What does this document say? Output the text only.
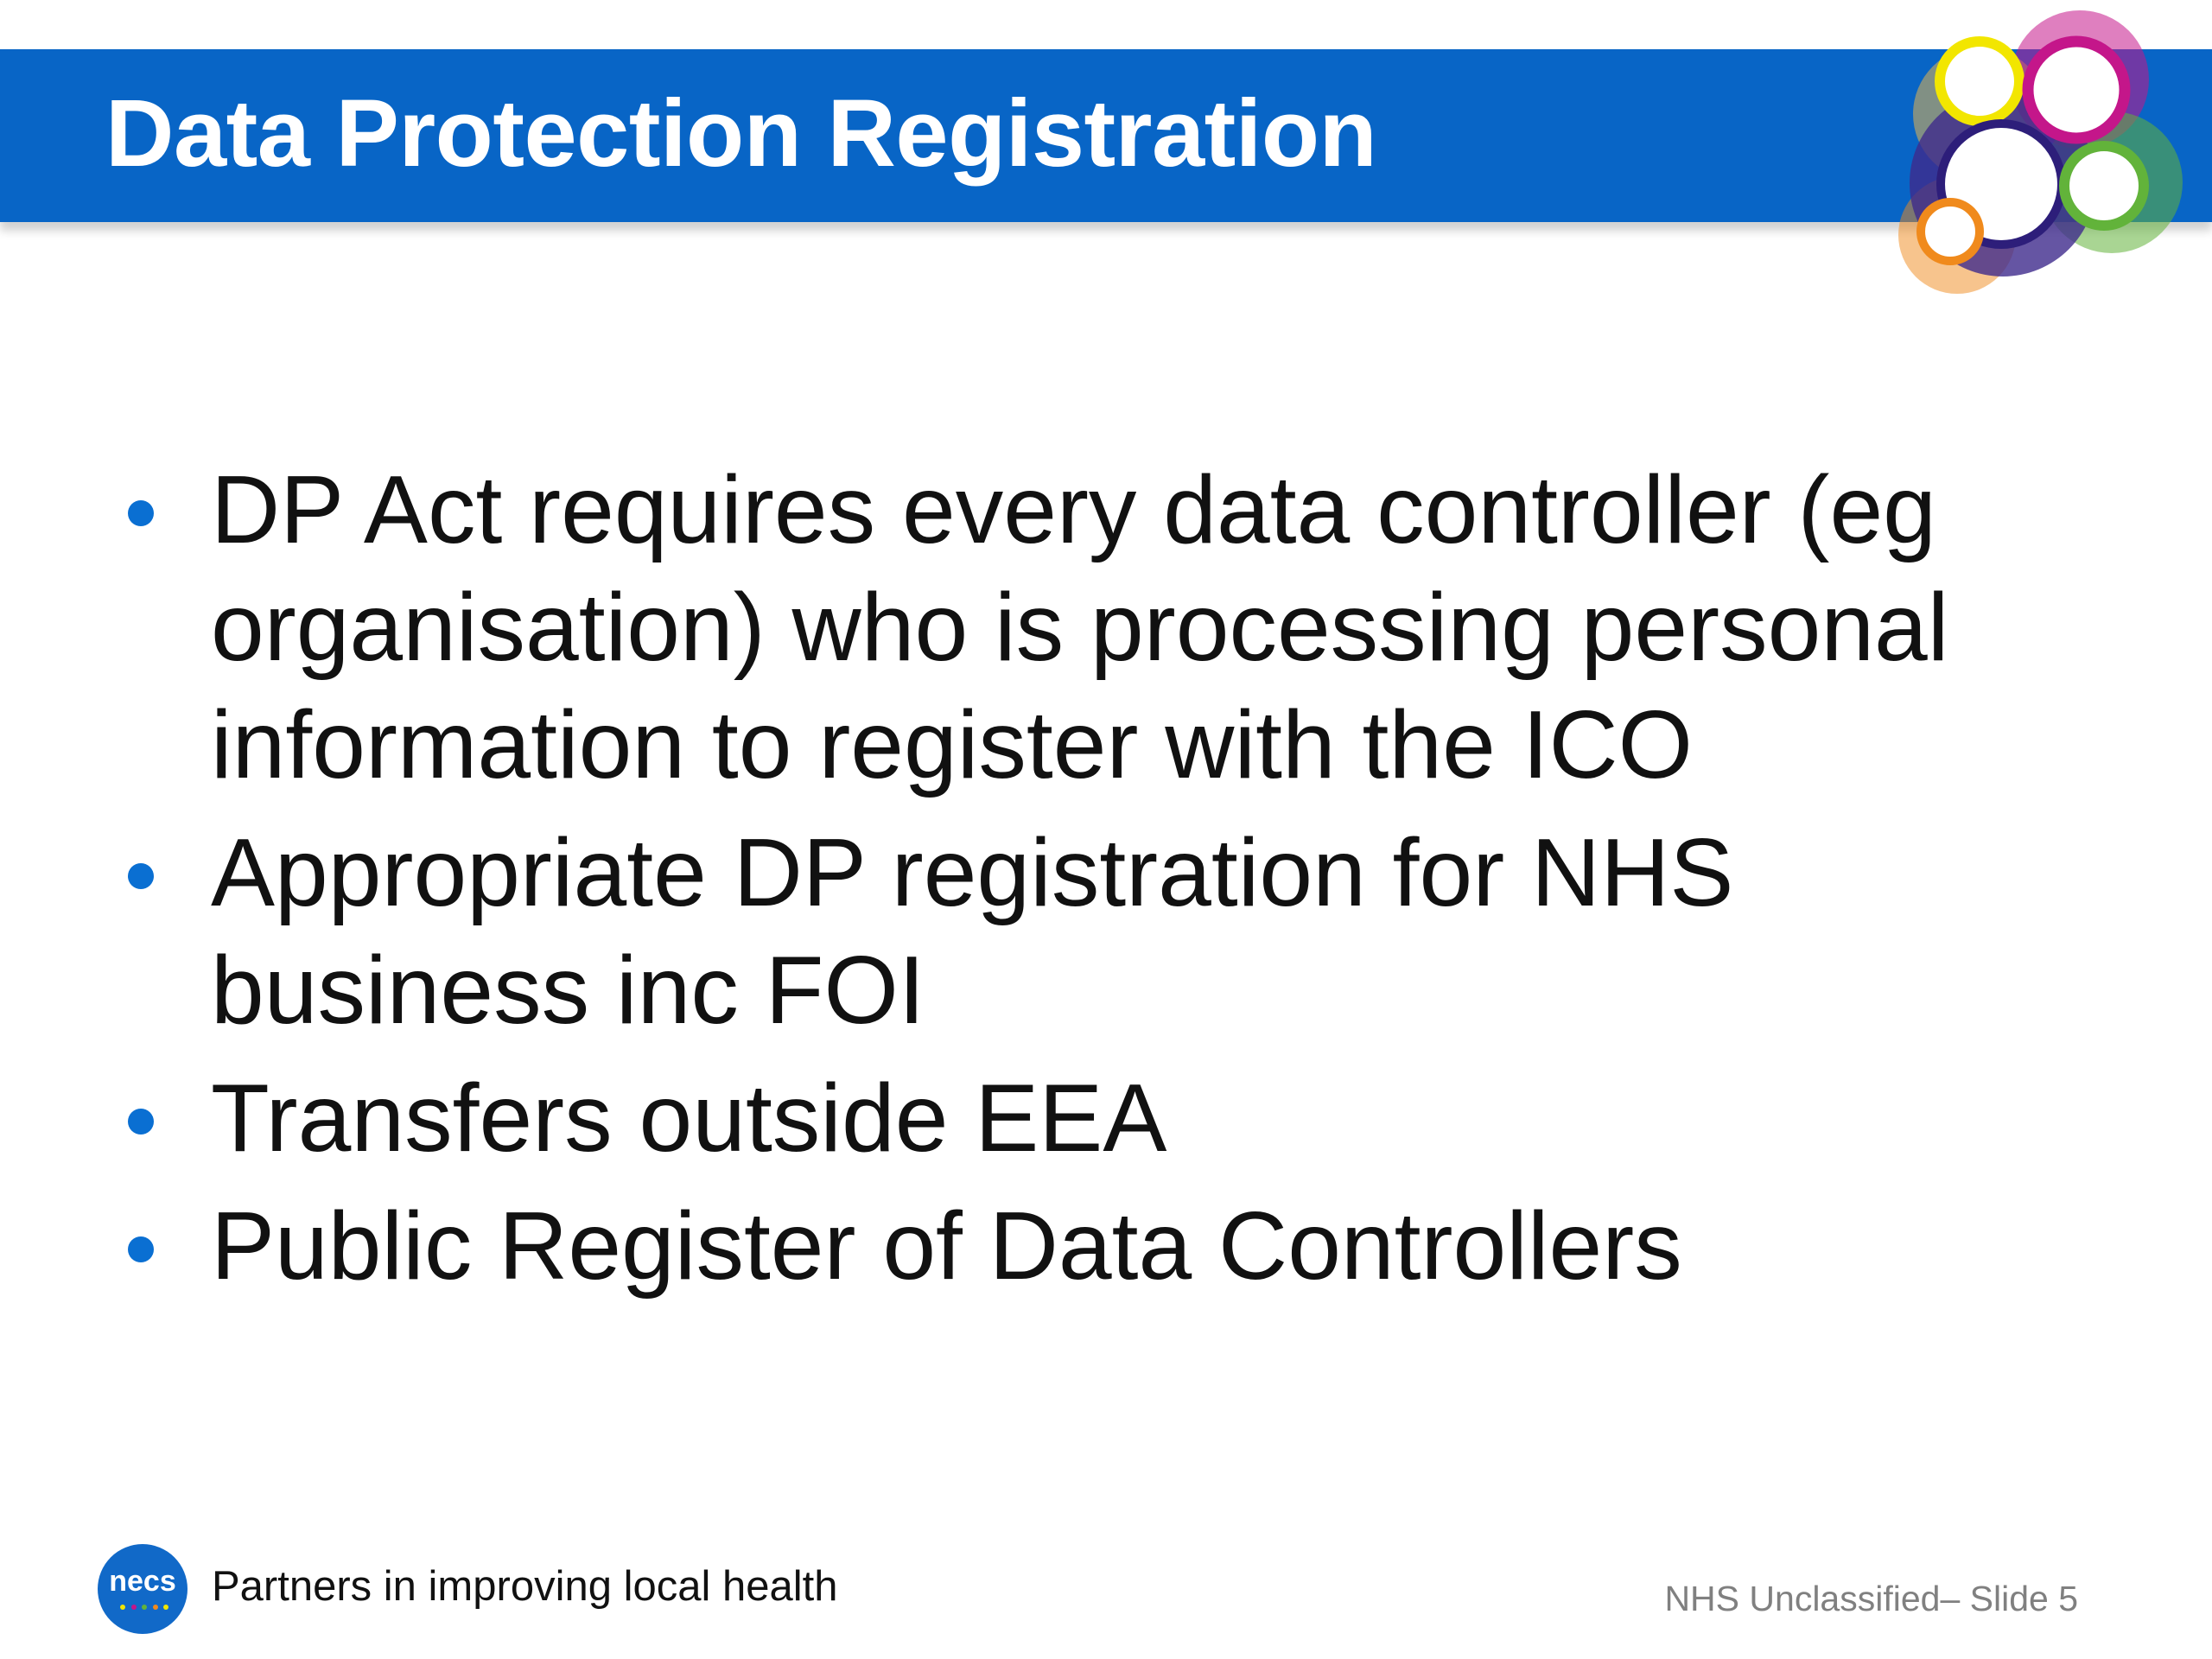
Data Protection Registration
DP Act requires every data controller (eg organisation) who is processing personal information to register with the ICO
Appropriate DP registration for NHS business inc FOI
Transfers outside EEA
Public Register of Data Controllers
necs Partners in improving local health	NHS Unclassified– Slide 5
